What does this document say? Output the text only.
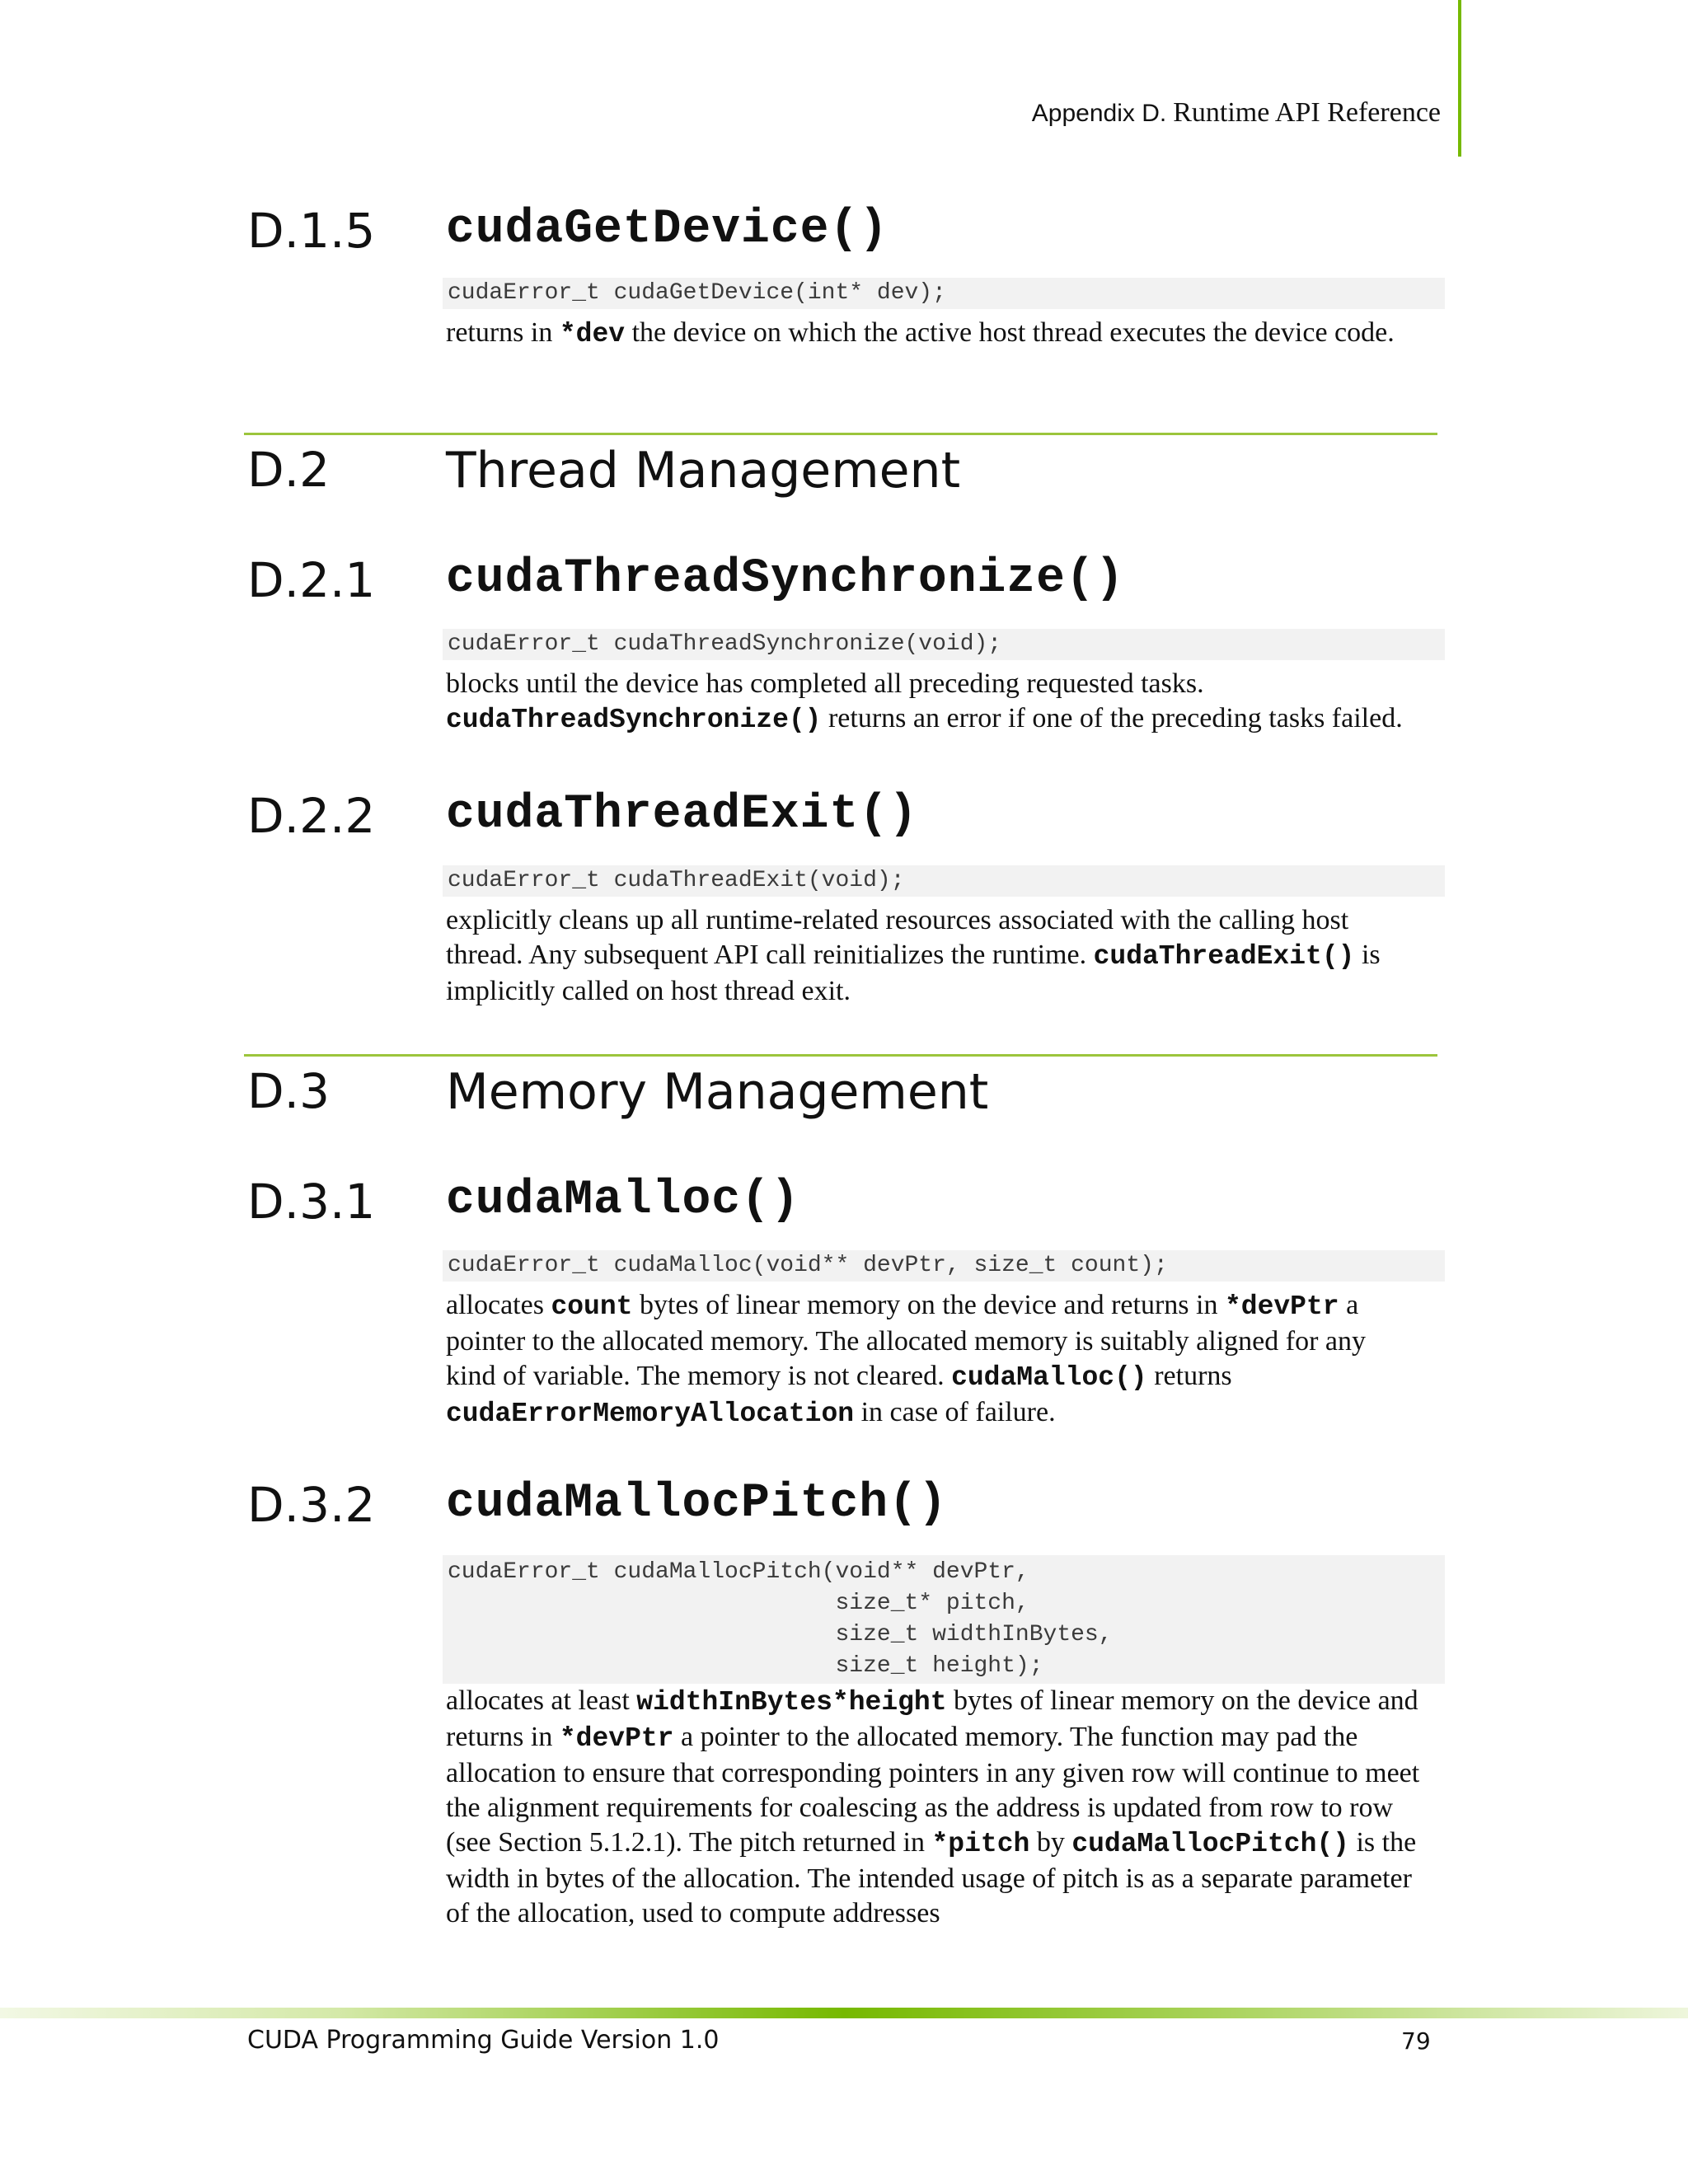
Appendix D. Runtime API Reference
D.1.5 cudaGetDevice()
cudaError_t cudaGetDevice(int* dev);

returns in *dev the device on which the active host thread executes the device code.

D.2 Thread Management
D.2.1 cudaThreadSynchronize()
cudaError_t cudaThreadSynchronize(void);

blocks until the device has completed all preceding requested tasks.
cudaThreadSynchronize() returns an error if one of the preceding tasks failed.

D.2.2 cudaThreadExit()
cudaError_t cudaThreadExit(void);

explicitly cleans up all runtime-related resources associated with the calling host thread. Any subsequent API call reinitializes the runtime. cudaThreadExit() is implicitly called on host thread exit.

D.3 Memory Management
D.3.1 cudaMalloc()
cudaError_t cudaMalloc(void** devPtr, size_t count);

allocates count bytes of linear memory on the device and returns in *devPtr a pointer to the allocated memory. The allocated memory is suitably aligned for any kind of variable. The memory is not cleared. cudaMalloc() returns cudaErrorMemoryAllocation in case of failure.

D.3.2 cudaMallocPitch()
cudaError_t cudaMallocPitch(void** devPtr,
size_t* pitch,
size_t widthInBytes,
size_t height);

allocates at least widthInBytes*height bytes of linear memory on the device and returns in *devPtr a pointer to the allocated memory. The function may pad the allocation to ensure that corresponding pointers in any given row will continue to meet the alignment requirements for coalescing as the address is updated from row to row (see Section 5.1.2.1). The pitch returned in *pitch by cudaMallocPitch() is the width in bytes of the allocation. The intended usage of pitch is as a separate parameter of the allocation, used to compute addresses

CUDA Programming Guide Version 1.0	79
